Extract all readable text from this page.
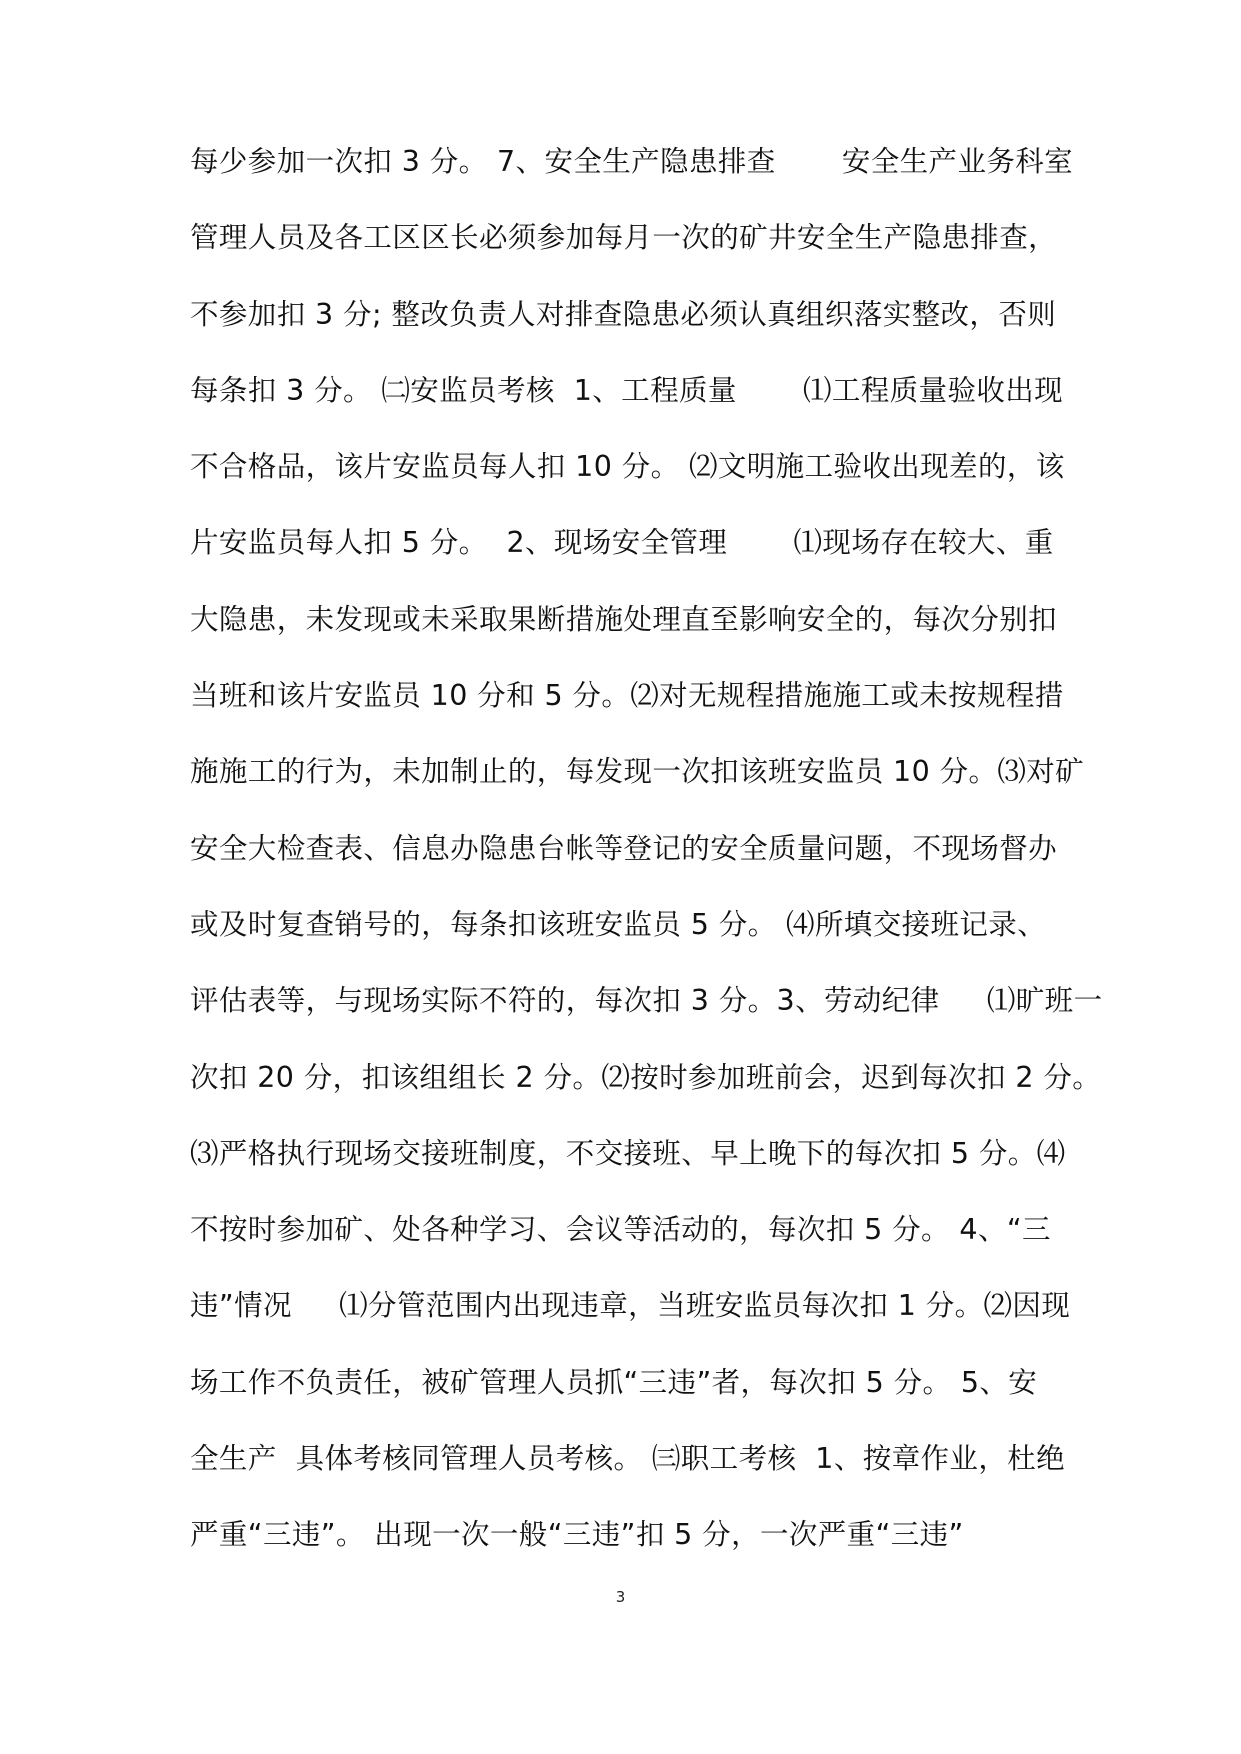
每少参加一次扣 3 分。 7、安全生产隐患排查       安全生产业务科室
管理人员及各工区区长必须参加每月一次的矿井安全生产隐患排查，
不参加扣 3 分; 整改负责人对排查隐患必须认真组织落实整改，否则
每条扣 3 分。 ㈡安监员考核  1、工程质量       ⑴工程质量验收出现
不合格品，该片安监员每人扣 10 分。 ⑵文明施工验收出现差的，该
片安监员每人扣 5 分。  2、现场安全管理       ⑴现场存在较大、重
大隐患，未发现或未采取果断措施处理直至影响安全的，每次分别扣
当班和该片安监员 10 分和 5 分。⑵对无规程措施施工或未按规程措
施施工的行为，未加制止的，每发现一次扣该班安监员 10 分。⑶对矿
安全大检查表、信息办隐患台帐等登记的安全质量问题，不现场督办
或及时复查销号的，每条扣该班安监员 5 分。 ⑷所填交接班记录、
评估表等，与现场实际不符的，每次扣 3 分。3、劳动纪律     ⑴旷班一
次扣 20 分，扣该组组长 2 分。⑵按时参加班前会，迟到每次扣 2 分。
⑶严格执行现场交接班制度，不交接班、早上晚下的每次扣 5 分。⑷
不按时参加矿、处各种学习、会议等活动的，每次扣 5 分。 4、“三
违”情况     ⑴分管范围内出现违章，当班安监员每次扣 1 分。⑵因现
场工作不负责任，被矿管理人员抓“三违”者，每次扣 5 分。 5、安
全生产  具体考核同管理人员考核。 ㈢职工考核  1、按章作业，杜绝
严重“三违”。 出现一次一般“三违”扣 5 分，一次严重“三违”
3
